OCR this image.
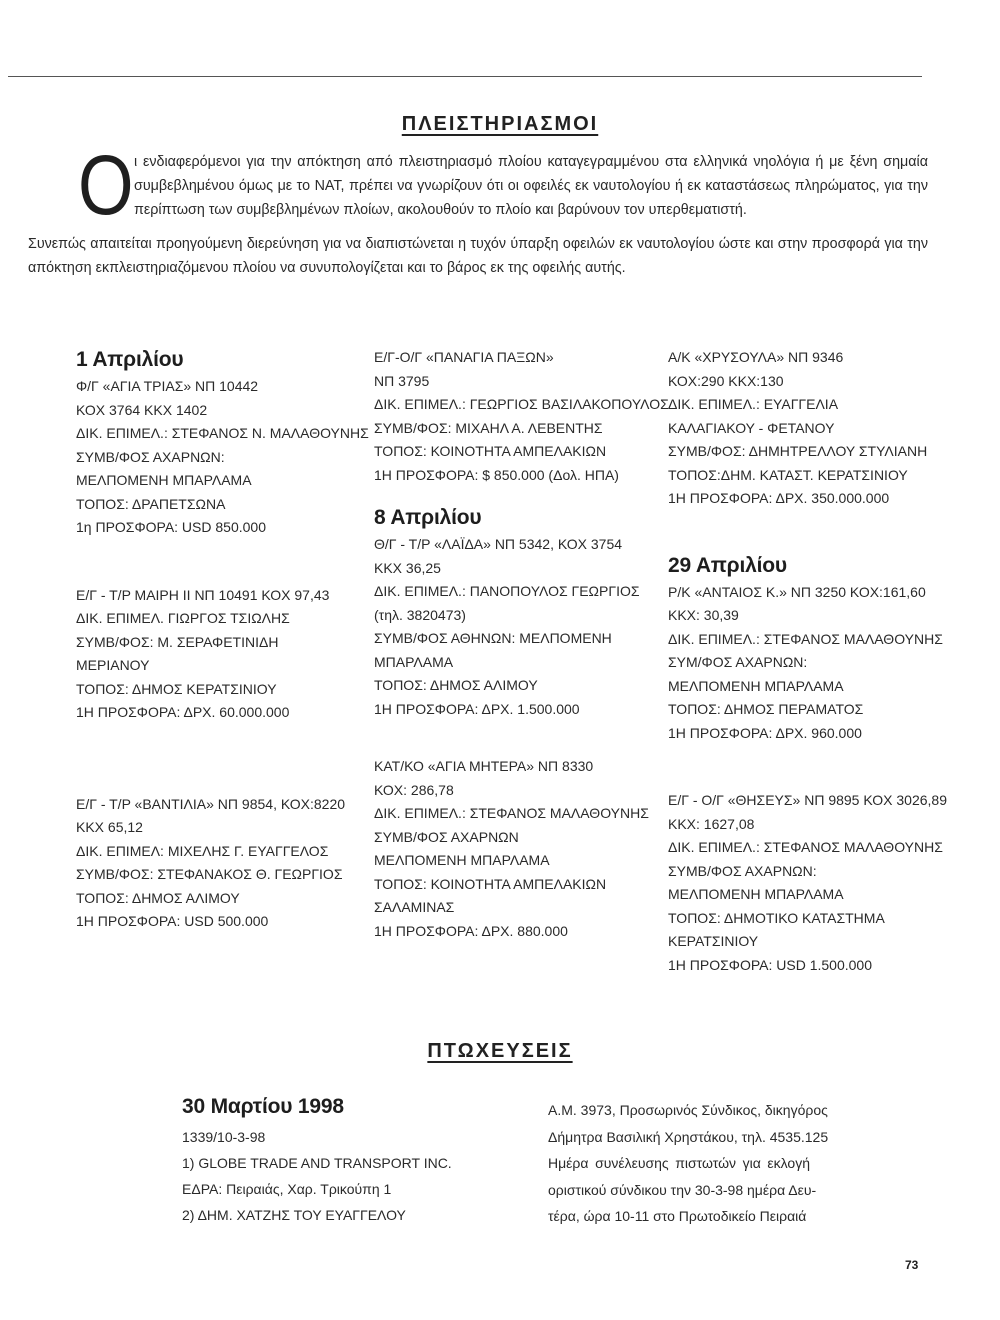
ΠΛΕΙΣΤΗΡΙΑΣΜΟΙ
O ι ενδιαφερόμενοι για την απόκτηση από πλειστηριασμό πλοίου καταγεγραμμένου στα ελληνικά νηολόγια ή με ξένη σημαία συμβεβλημένου όμως με το ΝΑΤ, πρέπει να γνωρίζουν ότι οι οφειλές εκ ναυτολογίου ή εκ καταστάσεως πληρώματος, για την περίπτωση των συμβεβλημένων πλοίων, ακολουθούν το πλοίο και βαρύνουν τον υπερθεματιστή.

Συνεπώς απαιτείται προηγούμενη διερεύνηση για να διαπιστώνεται η τυχόν ύπαρξη οφειλών εκ ναυτολογίου ώστε και στην προσφορά για την απόκτηση εκπλειστηριαζόμενου πλοίου να συνυπολογίζεται και το βάρος εκ της οφειλής αυτής.

1 Απριλίου
Φ/Γ «ΑΓΙΑ ΤΡΙΑΣ» ΝΠ 10442
ΚΟΧ 3764 ΚΚΧ 1402
ΔΙΚ. ΕΠΙΜΕΛ.: ΣΤΕΦΑΝΟΣ Ν. ΜΑΛΑΘΟΥΝΗΣ
ΣΥΜΒ/ΦΟΣ ΑΧΑΡΝΩΝ:
ΜΕΛΠΟΜΕΝΗ ΜΠΑΡΛΑΜΑ
ΤΟΠΟΣ: ΔΡΑΠΕΤΣΩΝΑ
1η ΠΡΟΣΦΟΡΑ: USD 850.000
Ε/Γ - Τ/Ρ ΜΑΙΡΗ ΙΙ ΝΠ 10491 ΚΟΧ 97,43
ΔΙΚ. ΕΠΙΜΕΛ. ΓΙΩΡΓΟΣ ΤΣΙΩΛΗΣ
ΣΥΜΒ/ΦΟΣ: Μ. ΣΕΡΑΦΕΤΙΝΙΔΗ
ΜΕΡΙΑΝΟΥ
ΤΟΠΟΣ: ΔΗΜΟΣ ΚΕΡΑΤΣΙΝΙΟΥ
1Η ΠΡΟΣΦΟΡΑ: ΔΡΧ. 60.000.000
Ε/Γ - Τ/Ρ «ΒΑΝΤΙΛΙΑ» ΝΠ 9854, ΚΟΧ:8220
ΚΚΧ 65,12
ΔΙΚ. ΕΠΙΜΕΛ: ΜΙΧΕΛΗΣ Γ. ΕΥΑΓΓΕΛΟΣ
ΣΥΜΒ/ΦΟΣ: ΣΤΕΦΑΝΑΚΟΣ Θ. ΓΕΩΡΓΙΟΣ
ΤΟΠΟΣ: ΔΗΜΟΣ ΑΛΙΜΟΥ
1Η ΠΡΟΣΦΟΡΑ: USD 500.000
Ε/Γ-Ο/Γ «ΠΑΝΑΓΙΑ ΠΑΞΩΝ»
ΝΠ 3795
ΔΙΚ. ΕΠΙΜΕΛ.: ΓΕΩΡΓΙΟΣ ΒΑΣΙΛΑΚΟΠΟΥΛΟΣ
ΣΥΜΒ/ΦΟΣ: ΜΙΧΑΗΛ Α. ΛΕΒΕΝΤΗΣ
ΤΟΠΟΣ: ΚΟΙΝΟΤΗΤΑ ΑΜΠΕΛΑΚΙΩΝ
1Η ΠΡΟΣΦΟΡΑ: $ 850.000 (Δολ. ΗΠΑ)
8 Απριλίου
Θ/Γ - Τ/Ρ «ΛΑΪΔΑ» ΝΠ 5342, ΚΟΧ 3754
ΚΚΧ 36,25
ΔΙΚ. ΕΠΙΜΕΛ.: ΠΑΝΟΠΟΥΛΟΣ ΓΕΩΡΓΙΟΣ
(τηλ. 3820473)
ΣΥΜΒ/ΦΟΣ ΑΘΗΝΩΝ: ΜΕΛΠΟΜΕΝΗ
ΜΠΑΡΛΑΜΑ
ΤΟΠΟΣ: ΔΗΜΟΣ ΑΛΙΜΟΥ
1Η ΠΡΟΣΦΟΡΑ: ΔΡΧ. 1.500.000
ΚΑΤ/ΚΟ «ΑΓΙΑ ΜΗΤΕΡΑ» ΝΠ 8330
ΚΟΧ: 286,78
ΔΙΚ. ΕΠΙΜΕΛ.: ΣΤΕΦΑΝΟΣ ΜΑΛΑΘΟΥΝΗΣ
ΣΥΜΒ/ΦΟΣ ΑΧΑΡΝΩΝ
ΜΕΛΠΟΜΕΝΗ ΜΠΑΡΛΑΜΑ
ΤΟΠΟΣ: ΚΟΙΝΟΤΗΤΑ ΑΜΠΕΛΑΚΙΩΝ
ΣΑΛΑΜΙΝΑΣ
1Η ΠΡΟΣΦΟΡΑ: ΔΡΧ. 880.000
Α/Κ «ΧΡΥΣΟΥΛΑ» ΝΠ 9346
ΚΟΧ:290 ΚΚΧ:130
ΔΙΚ. ΕΠΙΜΕΛ.: ΕΥΑΓΓΕΛΙΑ
ΚΑΛΑΓΙΑΚΟΥ - ΦΕΤΑΝΟΥ
ΣΥΜΒ/ΦΟΣ: ΔΗΜΗΤΡΕΛΛΟΥ ΣΤΥΛΙΑΝΗ
ΤΟΠΟΣ:ΔΗΜ. ΚΑΤΑΣΤ. ΚΕΡΑΤΣΙΝΙΟΥ
1Η ΠΡΟΣΦΟΡΑ: ΔΡΧ. 350.000.000
29 Απριλίου
Ρ/Κ «ΑΝΤΑΙΟΣ Κ.» ΝΠ 3250 ΚΟΧ:161,60
ΚΚΧ: 30,39
ΔΙΚ. ΕΠΙΜΕΛ.: ΣΤΕΦΑΝΟΣ ΜΑΛΑΘΟΥΝΗΣ
ΣΥΜ/ΦΟΣ ΑΧΑΡΝΩΝ:
ΜΕΛΠΟΜΕΝΗ ΜΠΑΡΛΑΜΑ
ΤΟΠΟΣ: ΔΗΜΟΣ ΠΕΡΑΜΑΤΟΣ
1Η ΠΡΟΣΦΟΡΑ: ΔΡΧ. 960.000
Ε/Γ - Ο/Γ «ΘΗΣΕΥΣ» ΝΠ 9895 ΚΟΧ 3026,89
ΚΚΧ: 1627,08
ΔΙΚ. ΕΠΙΜΕΛ.: ΣΤΕΦΑΝΟΣ ΜΑΛΑΘΟΥΝΗΣ
ΣΥΜΒ/ΦΟΣ ΑΧΑΡΝΩΝ:
ΜΕΛΠΟΜΕΝΗ ΜΠΑΡΛΑΜΑ
ΤΟΠΟΣ: ΔΗΜΟΤΙΚΟ ΚΑΤΑΣΤΗΜΑ
ΚΕΡΑΤΣΙΝΙΟΥ
1Η ΠΡΟΣΦΟΡΑ: USD 1.500.000
ΠΤΩΧΕΥΣΕΙΣ
30 Μαρτίου 1998
1339/10-3-98
1) GLOBE TRADE AND TRANSPORT INC.
ΕΔΡΑ: Πειραιάς, Χαρ. Τρικούπη 1
2) ΔΗΜ. ΧΑΤΖΗΣ ΤΟΥ ΕΥΑΓΓΕΛΟΥ
Α.Μ. 3973, Προσωρινός Σύνδικος, δικηγόρος
Δήμητρα Βασιλική Χρηστάκου, τηλ. 4535.125
Ημέρα συνέλευσης πιστωτών για εκλογή
οριστικού σύνδικου την 30-3-98 ημέρα Δευ-
τέρα, ώρα 10-11 στο Πρωτοδικείο Πειραιά
73
